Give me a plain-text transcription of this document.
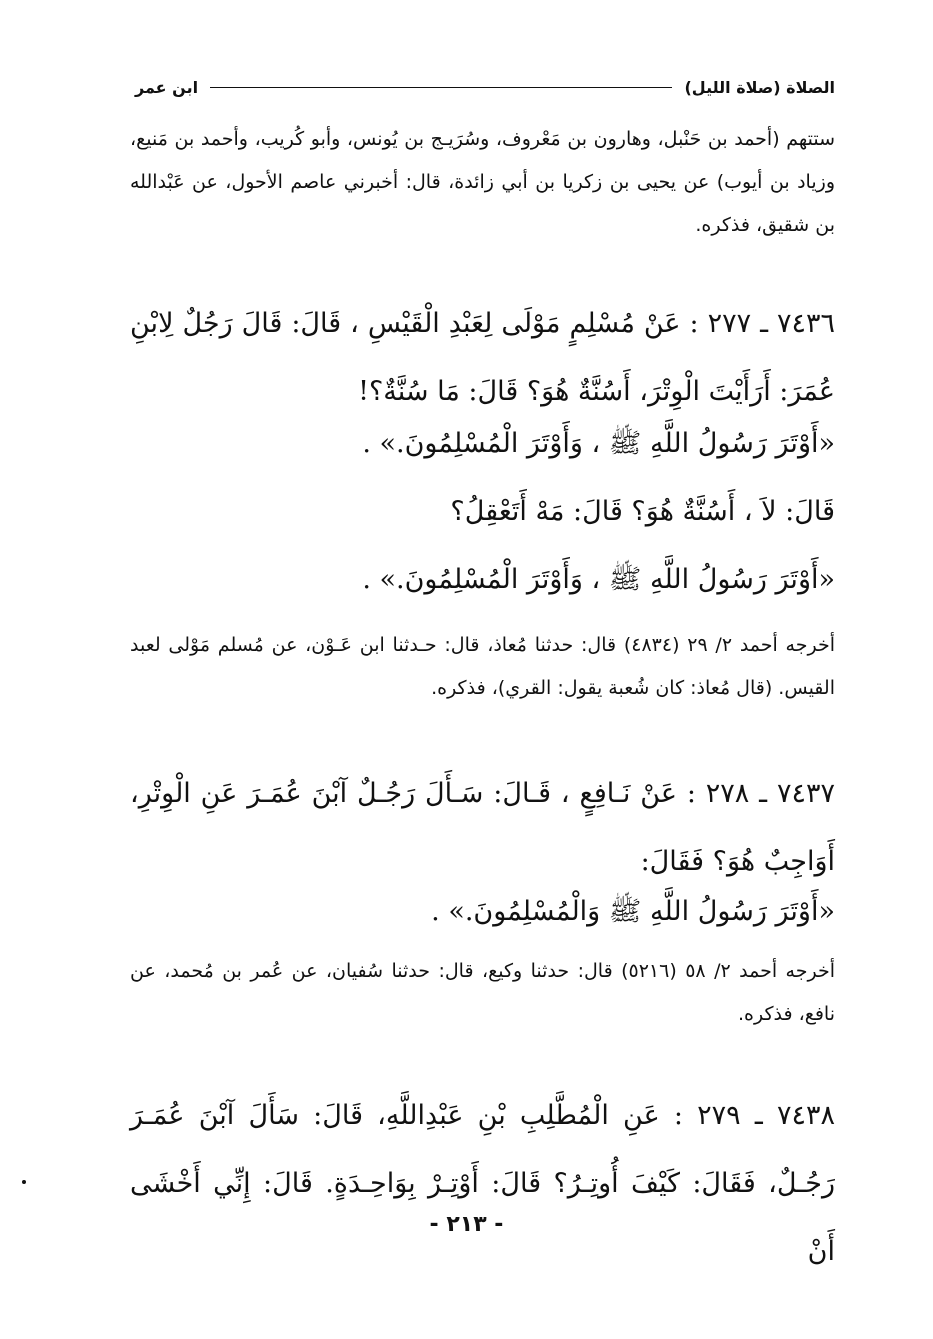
الصلاة (صلاة الليل)
ابن عمر

ستتهم (أحمد بن حَنْبل، وهارون بن مَعْروف، وسُرَيـج بن يُونس، وأبو كُريب، وأحمد بن مَنيع، وزياد بن أيوب) عن يحيى بن زكريا بن أبي زائدة، قال: أخبرني عاصم الأحول، عن عَبْدالله بن شقيق، فذكره.

٧٤٣٦ ـ ٢٧٧ : عَنْ مُسْلِمٍ مَوْلَى لِعَبْدِ الْقَيْسِ ، قَالَ: قَالَ رَجُلٌ لِابْنِ عُمَرَ: أَرَأَيْتَ الْوِتْرَ، أَسُنَّةٌ هُوَ؟ قَالَ: مَا سُنَّةٌ؟!

«أَوْتَرَ رَسُولُ اللَّهِ ﷺ ، وَأَوْتَرَ الْمُسْلِمُونَ.» .

قَالَ: لاَ ، أَسُنَّةٌ هُوَ؟ قَالَ: مَهْ أَتَعْقِلُ؟

«أَوْتَرَ رَسُولُ اللَّهِ ﷺ ، وَأَوْتَرَ الْمُسْلِمُونَ.» .

أخرجه أحمد ٢/ ٢٩ (٤٨٣٤) قال: حدثنا مُعاذ، قال: حـدثنا ابن عَـوْن، عن مُسلم مَوْلى لعبد القيس. (قال مُعاذ: كان شُعبة يقول: القري)، فذكره.

٧٤٣٧ ـ ٢٧٨ : عَنْ نَـافِعٍ ، قَـالَ: سَـأَلَ رَجُـلٌ آبْنَ عُمَـرَ عَنِ الْوِتْرِ، أَوَاجِبٌ هُوَ؟ فَقَالَ:

«أَوْتَرَ رَسُولُ اللَّهِ ﷺ وَالْمُسْلِمُونَ.» .

أخرجه أحمد ٢/ ٥٨ (٥٢١٦) قال: حدثنا وكيع، قال: حدثنا سُفيان، عن عُمر بن مُحمد، عن نافع، فذكره.

٧٤٣٨ ـ ٢٧٩ : عَنِ الْمُطَّلِبِ بْنِ عَبْدِاللَّهِ، قَالَ: سَأَلَ آبْنَ عُمَـرَ رَجُـلٌ، فَقَالَ: كَيْفَ أُوتِـرُ؟ قَالَ: أَوْتِـرْ بِوَاحِـدَةٍ. قَالَ: إِنِّي أَخْشَى أَنْ

- ٢١٣ -
